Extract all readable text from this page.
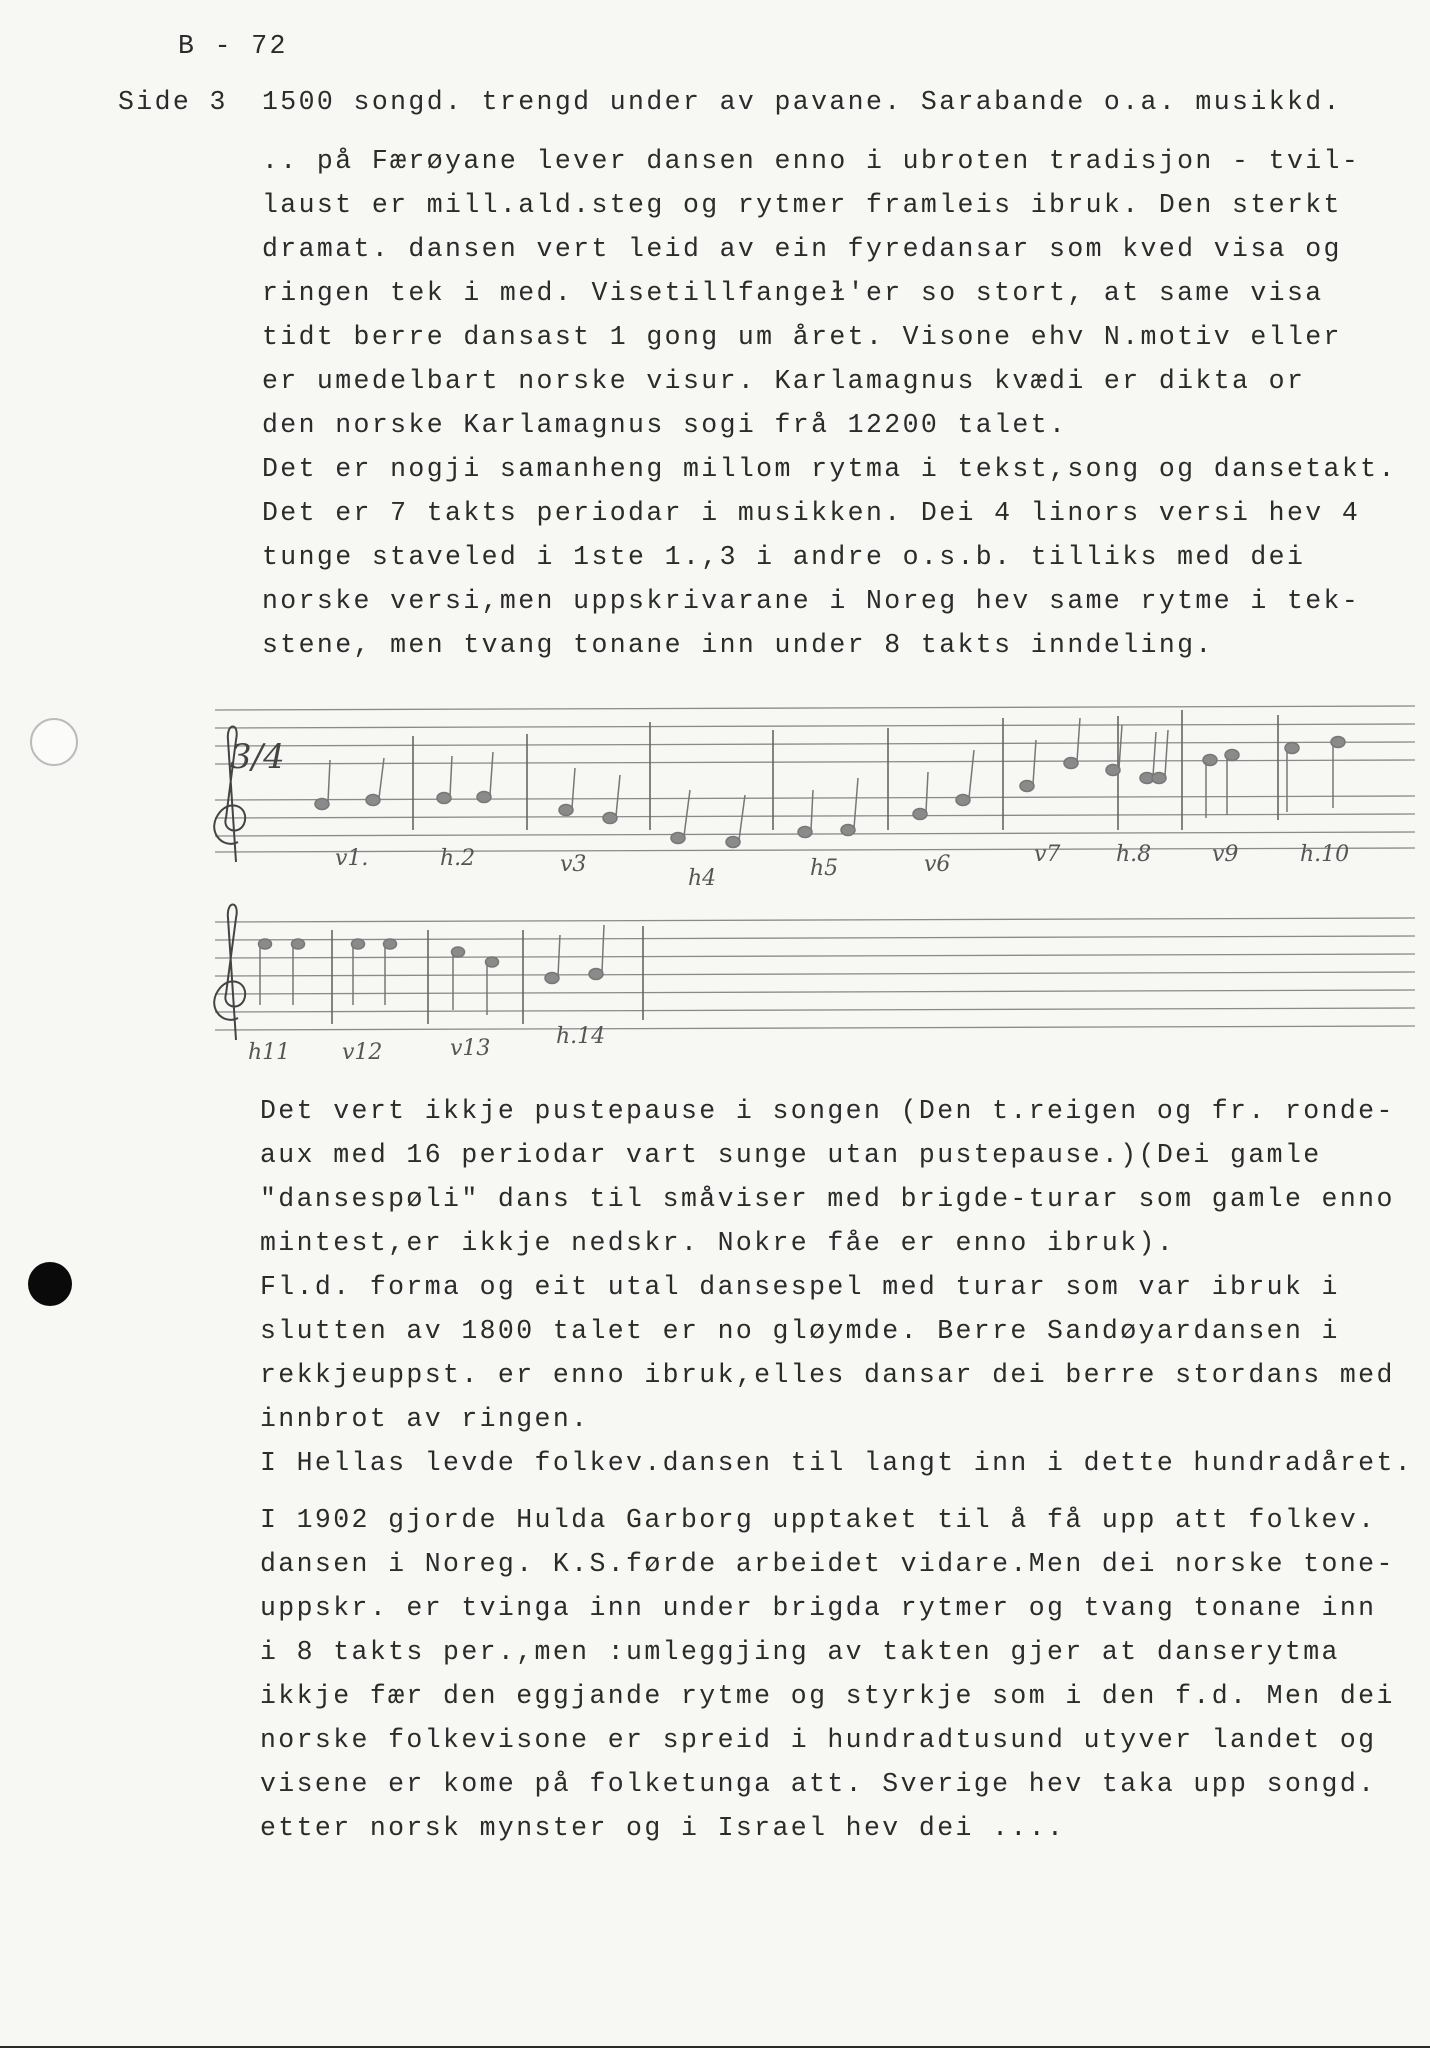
B - 72
Side 3 1500 songd. trengd under av pavane. Sarabande o.a. musikkd.
.. på Færøyane lever dansen enno i ubroten tradisjon - tvil-
laust er mill.ald.steg og rytmer framleis ibruk. Den sterkt
dramat. dansen vert leid av ein fyredansar som kved visa og
ringen tek i med. Visetillfangeɫ'er so stort, at same visa
tidt berre dansast 1 gong um året. Visone ehv N.motiv eller
er umedelbart norske visur. Karlamagnus kvædi er dikta or
den norske Karlamagnus sogi frå 12200 talet.
Det er nogji samanheng millom rytma i tekst,song og dansetakt.
Det er 7 takts periodar i musikken. Dei 4 linors versi hev 4
tunge staveled i 1ste 1.,3 i andre o.s.b. tilliks med dei
norske versi,men uppskrivarane i Noreg hev same rytme i tek-
stene, men tvang tonane inn under 8 takts inndeling.
3/4
v1.	h.2	v3
h4	h5	v6	v7	h.8	v9	h.10
h11 v12	v13	h.14
Det vert ikkje pustepause i songen (Den t.reigen og fr. ronde-
aux med 16 periodar vart sunge utan pustepause.)(Dei gamle
"dansespøli" dans til småviser med brigde-turar som gamle enno
mintest,er ikkje nedskr. Nokre fåe er enno ibruk).
Fl.d. forma og eit utal dansespel med turar som var ibruk i
slutten av 1800 talet er no gløymde. Berre Sandøyardansen i
rekkjeuppst. er enno ibruk,elles dansar dei berre stordans med
innbrot av ringen.
I Hellas levde folkev.dansen til langt inn i dette hundradåret.
I 1902 gjorde Hulda Garborg upptaket til å få upp att folkev.
dansen i Noreg. K.S.førde arbeidet vidare.Men dei norske tone-
uppskr. er tvinga inn under brigda rytmer og tvang tonane inn
i 8 takts per.,men :umleggjing av takten gjer at danserytma
ikkje fær den eggjande rytme og styrkje som i den f.d. Men dei
norske folkevisone er spreid i hundradtusund utyver landet og
visene er kome på folketunga att. Sverige hev taka upp songd.
etter norsk mynster og i Israel hev dei ....
